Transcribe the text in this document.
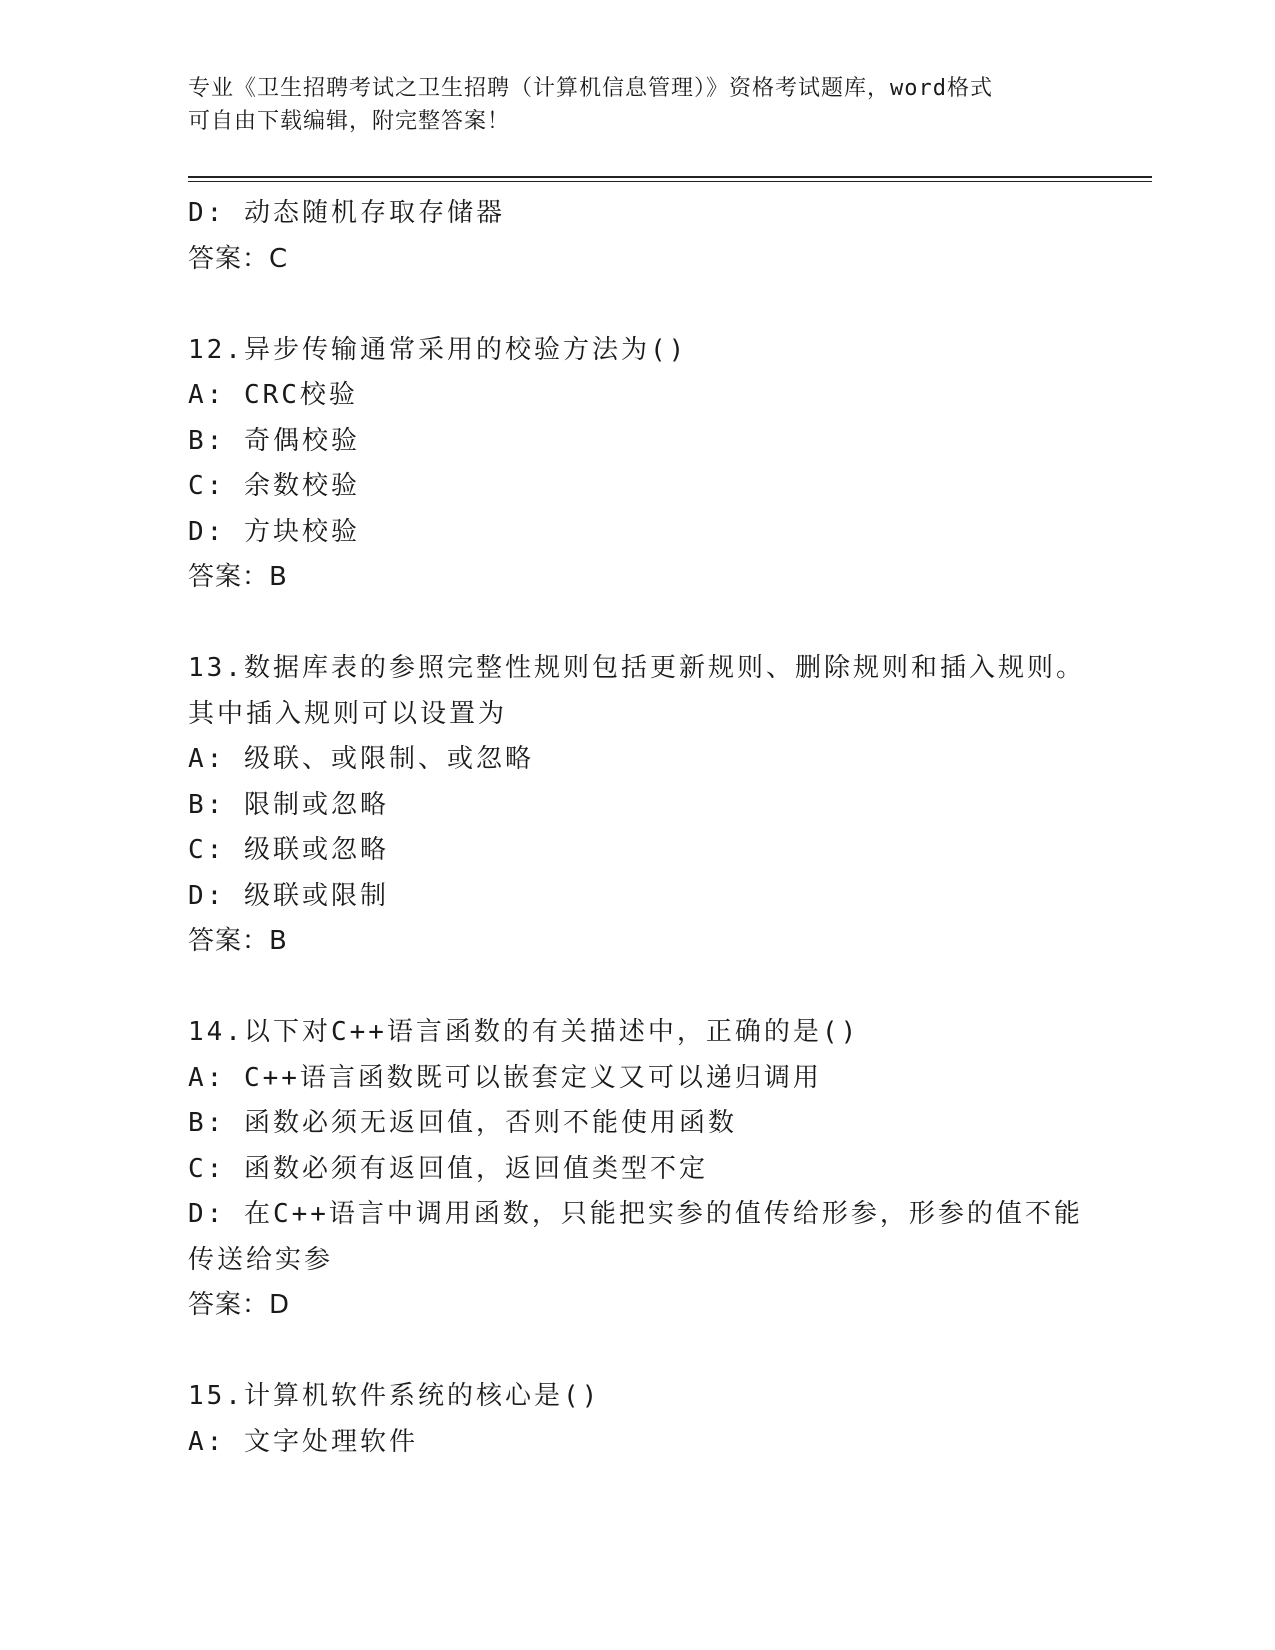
专业《卫生招聘考试之卫生招聘（计算机信息管理）》资格考试题库，word格式
可自由下载编辑，附完整答案！
D: 动态随机存取存储器
答案：C
12.异步传输通常采用的校验方法为()
A: CRC校验
B: 奇偶校验
C: 余数校验
D: 方块校验
答案：B
13.数据库表的参照完整性规则包括更新规则、删除规则和插入规则。
其中插入规则可以设置为
A: 级联、或限制、或忽略
B: 限制或忽略
C: 级联或忽略
D: 级联或限制
答案：B
14.以下对C++语言函数的有关描述中，正确的是()
A: C++语言函数既可以嵌套定义又可以递归调用
B: 函数必须无返回值，否则不能使用函数
C: 函数必须有返回值，返回值类型不定
D: 在C++语言中调用函数，只能把实参的值传给形参，形参的值不能
传送给实参
答案：D
15.计算机软件系统的核心是()
A: 文字处理软件
